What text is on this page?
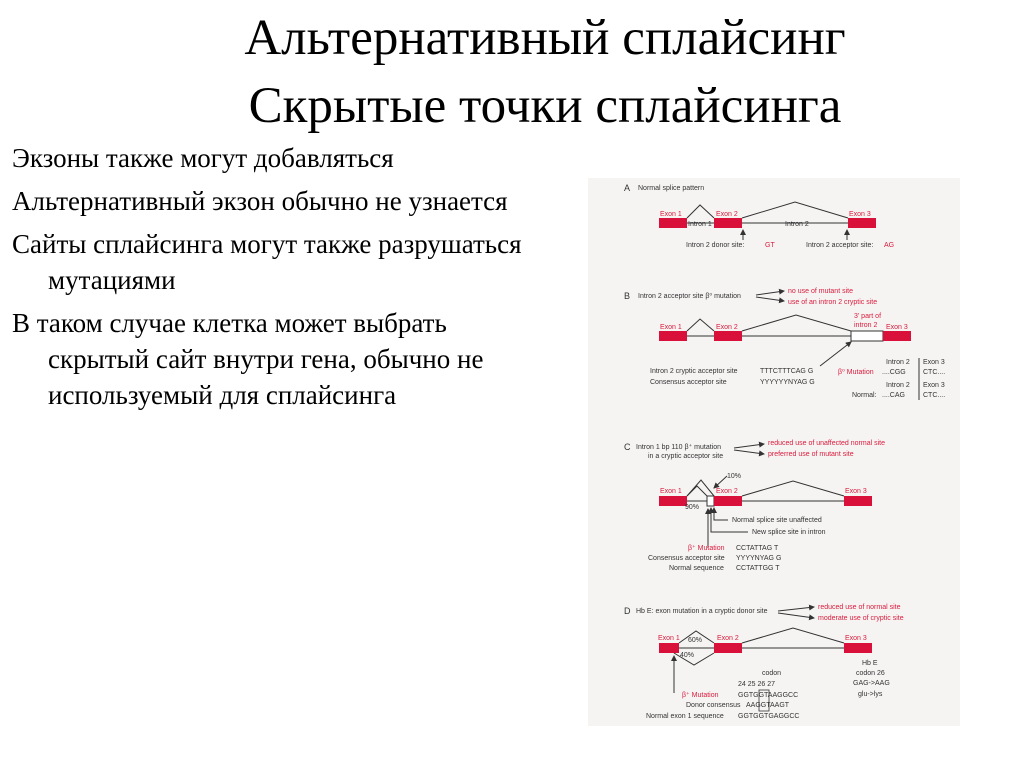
Альтернативный сплайсинг
Скрытые точки сплайсинга
Экзоны также могут добавляться
Альтернативный экзон обычно не узнается
Сайты сплайсинга могут также разрушаться мутациями
В таком случае клетка может выбрать скрытый сайт внутри гена, обычно не используемый для сплайсинга
A Normal splice pattern
Exon 1	Exon 2	Exon 3
Intron 1	Intron 2
Intron 2 donor site:	GT	Intron 2 acceptor site: AG
B Intron 2 acceptor site β⁰ mutation
no use of mutant site
use of an intron 2 cryptic site
Exon 1	Exon 2	Exon 3
3' part of
intron 2
Intron 2 cryptic acceptor site	TTTCTTTCAG G
Consensus acceptor site	YYYYYYNYAG G
Intron 2 Exon 3
β⁰ Mutation ....CGG CTC....
Intron 2 Exon 3
Normal: ....CAG	CTC....
C Intron 1 bp 110 β⁺ mutation
in a cryptic acceptor site
reduced use of unaffected normal site
preferred use of mutant site
10%
Exon 1	Exon 2	Exon 3
90%
Normal splice site unaffected
New splice site in intron
β⁺ Mutation CCTATTAG T
Consensus acceptor site YYYYNYAG G
Normal sequence CCTATTGG T
D Hb E: exon mutation in a cryptic donor site
reduced use of normal site
moderate use of cryptic site
Exon 1	Exon 2	Exon 3
60%
40%
codon
24 25 26 27
β⁺ Mutation	GGTGGTAAGGCC
Donor consensus AAGGTAAGT
Normal exon 1 sequence GGTGGTGAGGCC
Hb E
codon 26
GAG->AAG
glu->lys
